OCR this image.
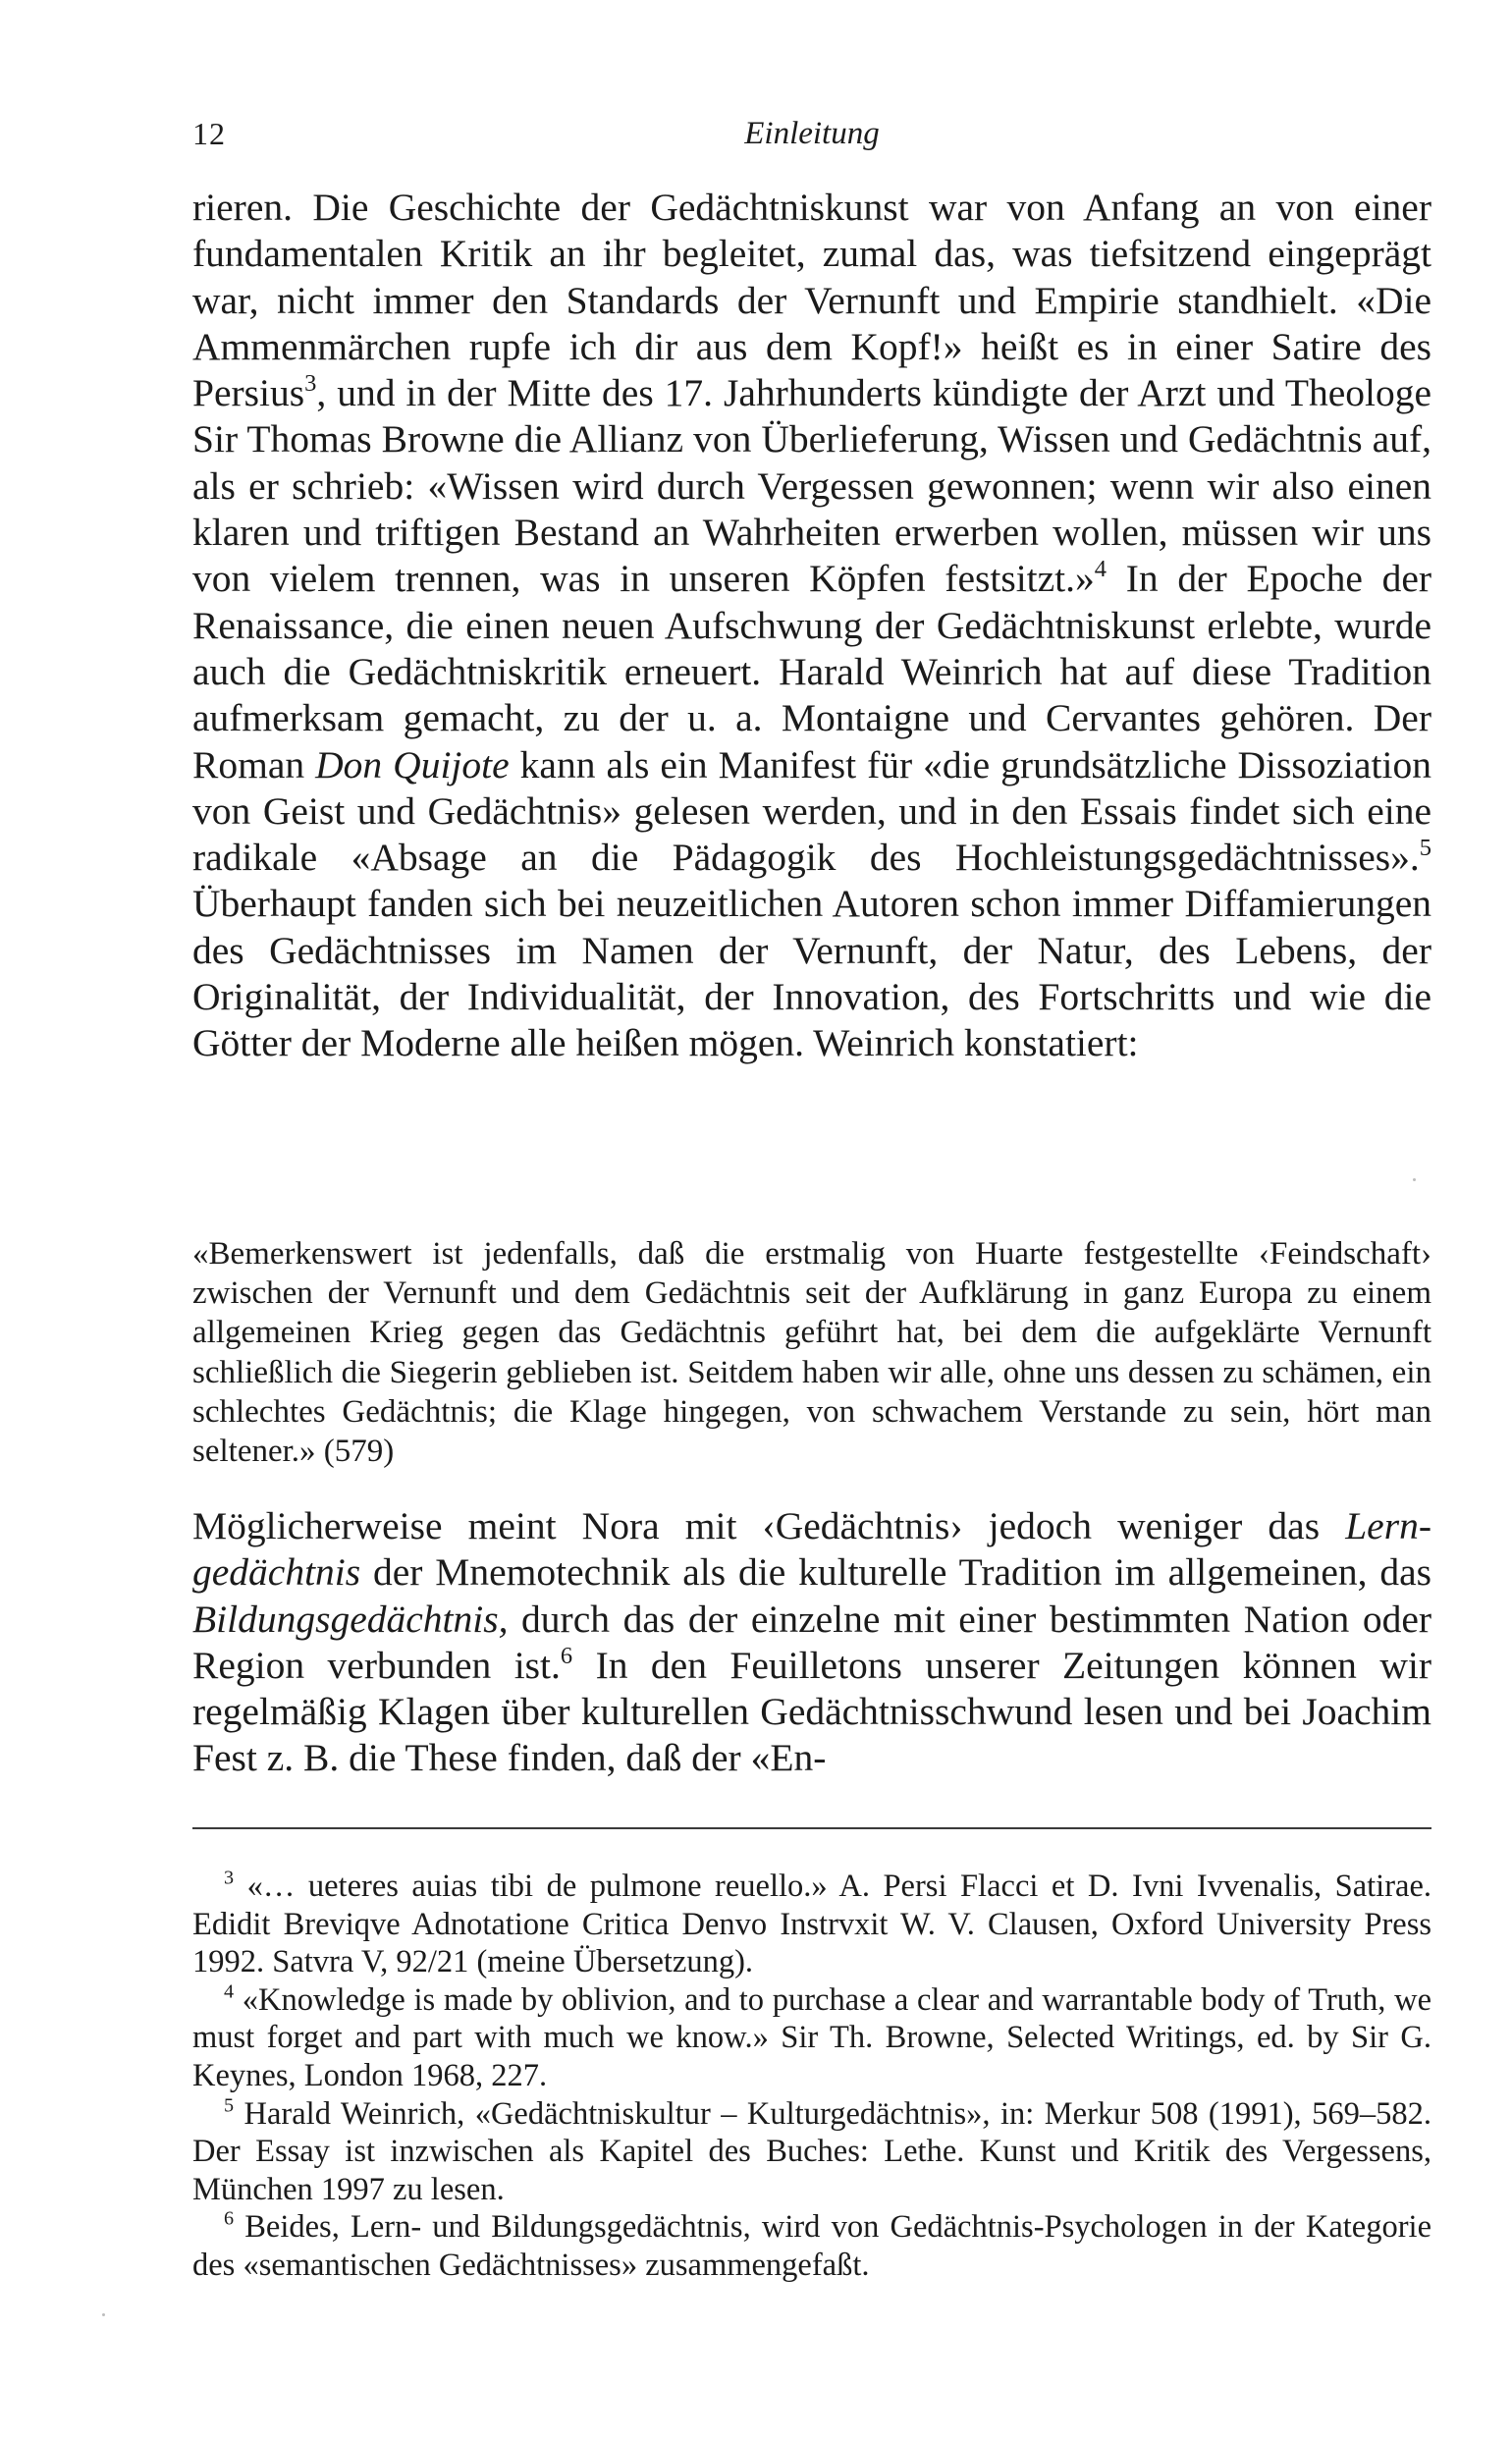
12	Einleitung

rieren. Die Geschichte der Gedächtniskunst war von Anfang an von einer fundamentalen Kritik an ihr begleitet, zumal das, was tiefsitzend eingeprägt war, nicht immer den Standards der Vernunft und Empirie standhielt. «Die Ammenmärchen rupfe ich dir aus dem Kopf!» heißt es in einer Satire des Persius$^3$, und in der Mitte des 17. Jahrhunderts kündigte der Arzt und Theologe Sir Thomas Browne die Allianz von Überlieferung, Wissen und Gedächtnis auf, als er schrieb: «Wissen wird durch Vergessen gewonnen; wenn wir also einen klaren und triftigen Bestand an Wahrheiten erwerben wollen, müssen wir uns von vielem trennen, was in unseren Köpfen festsitzt.»$^4$ In der Epoche der Renaissance, die einen neuen Aufschwung der Gedächtniskunst erlebte, wurde auch die Gedächtniskritik erneuert. Harald Weinrich hat auf diese Tradition aufmerksam gemacht, zu der u. a. Montaigne und Cervantes gehören. Der Roman Don Quijote kann als ein Manifest für «die grundsätzliche Dissoziation von Geist und Gedächtnis» gelesen werden, und in den Essais findet sich eine radikale «Absage an die Pädagogik des Hochleistungsgedächtnisses».$^5$ Überhaupt fanden sich bei neuzeitlichen Autoren schon immer Diffamierungen des Gedächtnisses im Namen der Vernunft, der Natur, des Lebens, der Originalität, der Individualität, der Innovation, des Fortschritts und wie die Götter der Moderne alle heißen mögen. Weinrich konstatiert:

«Bemerkenswert ist jedenfalls, daß die erstmalig von Huarte festgestellte ‹Feindschaft› zwischen der Vernunft und dem Gedächtnis seit der Aufklärung in ganz Europa zu einem allgemeinen Krieg gegen das Gedächtnis geführt hat, bei dem die aufgeklärte Vernunft schließlich die Siegerin geblieben ist. Seitdem haben wir alle, ohne uns dessen zu schämen, ein schlechtes Gedächtnis; die Klage hingegen, von schwachem Verstande zu sein, hört man seltener.» (579)

Möglicherweise meint Nora mit ‹Gedächtnis› jedoch weniger das Lerngedächtnis der Mnemotechnik als die kulturelle Tradition im allgemeinen, das Bildungsgedächtnis, durch das der einzelne mit einer bestimmten Nation oder Region verbunden ist.$^6$ In den Feuilletons unserer Zeitungen können wir regelmäßig Klagen über kulturellen Gedächtnisschwund lesen und bei Joachim Fest z. B. die These finden, daß der «En-

$^3$ «… ueteres auias tibi de pulmone reuello.» A. Persi Flacci et D. Ivni Ivvenalis, Satirae. Edidit Breviqve Adnotatione Critica Denvo Instrvxit W. V. Clausen, Oxford University Press 1992. Satvra V, 92/21 (meine Übersetzung).

$^4$ «Knowledge is made by oblivion, and to purchase a clear and warrantable body of Truth, we must forget and part with much we know.» Sir Th. Browne, Selected Writings, ed. by Sir G. Keynes, London 1968, 227.

$^5$ Harald Weinrich, «Gedächtniskultur – Kulturgedächtnis», in: Merkur 508 (1991), 569–582. Der Essay ist inzwischen als Kapitel des Buches: Lethe. Kunst und Kritik des Vergessens, München 1997 zu lesen.

$^6$ Beides, Lern- und Bildungsgedächtnis, wird von Gedächtnis-Psychologen in der Kategorie des «semantischen Gedächtnisses» zusammengefaßt.
